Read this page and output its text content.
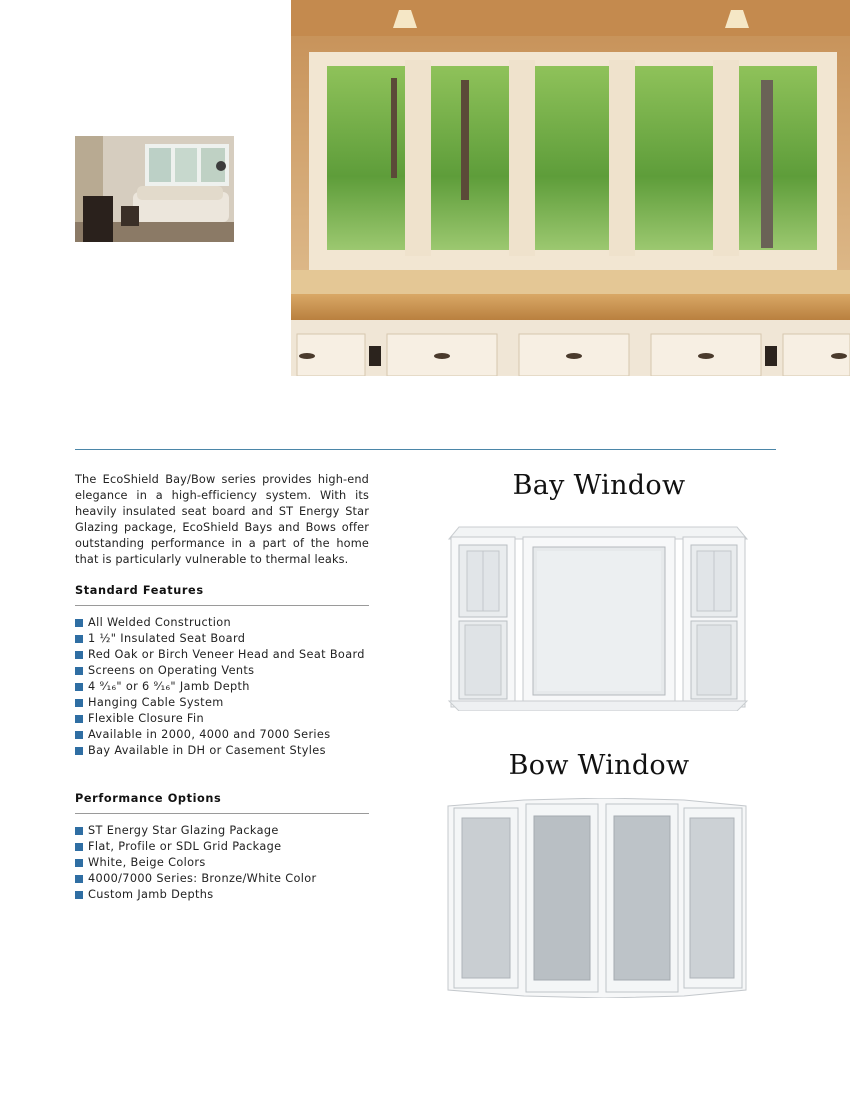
The EcoShield Bay/Bow series provides high-end elegance in a high-efficiency system. With its heavily insulated seat board and ST Energy Star Glazing package, EcoShield Bays and Bows offer outstanding performance in a part of the home that is particularly vulnerable to thermal leaks.

Standard Features
All Welded Construction
1 ½" Insulated Seat Board
Red Oak or Birch Veneer Head and Seat Board
Screens on Operating Vents
4 ⁹⁄₁₆" or 6 ⁹⁄₁₆" Jamb Depth
Hanging Cable System
Flexible Closure Fin
Available in 2000, 4000 and 7000 Series
Bay Available in DH or Casement Styles
Performance Options
ST Energy Star Glazing Package
Flat, Profile or SDL Grid Package
White, Beige Colors
4000/7000 Series: Bronze/White Color
Custom Jamb Depths
Bay Window
Bow Window
